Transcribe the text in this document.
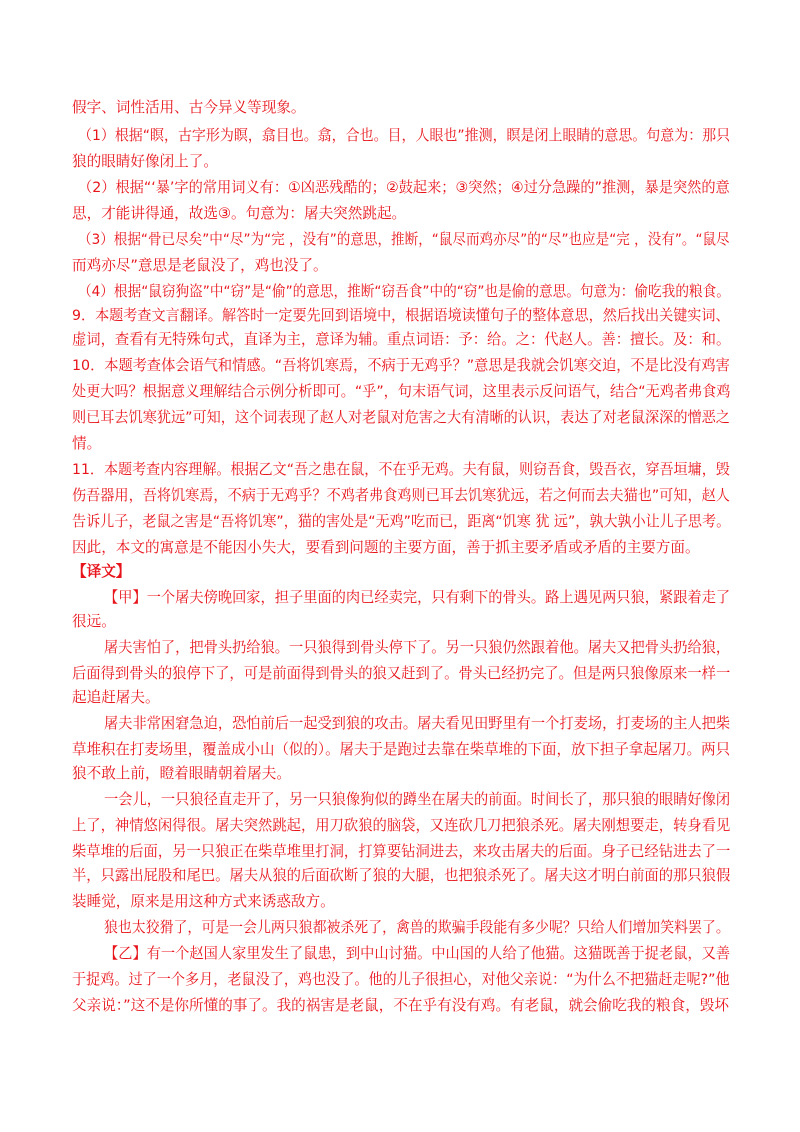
假字、词性活用、古今异义等现象。
（1）根据“瞑，古字形为瞑，翕目也。翕，合也。目，人眼也”推测，瞑是闭上眼睛的意思。句意为：那只
狼的眼睛好像闭上了。
（2）根据“‘暴’字的常用词义有：①凶恶残酷的；②鼓起来；③突然；④过分急躁的”推测，暴是突然的意
思，才能讲得通，故选③。句意为：屠夫突然跳起。
（3）根据“骨已尽矣”中“尽”为“完 ，没有”的意思，推断，“鼠尽而鸡亦尽”的“尽”也应是“完 ，没有”。“鼠尽
而鸡亦尽”意思是老鼠没了，鸡也没了。
（4）根据“鼠窃狗盗”中“窃”是“偷”的意思，推断“窃吾食”中的“窃”也是偷的意思。句意为：偷吃我的粮食。
9．本题考查文言翻译。解答时一定要先回到语境中，根据语境读懂句子的整体意思，然后找出关键实词、
虚词，查看有无特殊句式，直译为主，意译为辅。重点词语：予：给。之：代赵人。善：擅长。及：和。
10．本题考查体会语气和情感。“吾将饥寒焉，不病于无鸡乎？”意思是我就会饥寒交迫，不是比没有鸡害
处更大吗？根据意义理解结合示例分析即可。“乎”，句末语气词，这里表示反问语气，结合“无鸡者弗食鸡
则已耳去饥寒犹远”可知，这个词表现了赵人对老鼠对危害之大有清晰的认识，表达了对老鼠深深的憎恶之
情。
11．本题考查内容理解。根据乙文“吾之患在鼠，不在乎无鸡。夫有鼠，则窃吾食，毁吾衣，穿吾垣墉，毁
伤吾器用，吾将饥寒焉，不病于无鸡乎？不鸡者弗食鸡则已耳去饥寒犹远，若之何而去夫猫也”可知，赵人
告诉儿子，老鼠之害是“吾将饥寒”，猫的害处是“无鸡”吃而已，距离“饥寒 犹 远”，孰大孰小让儿子思考。
因此，本文的寓意是不能因小失大，要看到问题的主要方面，善于抓主要矛盾或矛盾的主要方面。
【译文】
【甲】一个屠夫傍晚回家，担子里面的肉已经卖完，只有剩下的骨头。路上遇见两只狼，紧跟着走了
很远。
屠夫害怕了，把骨头扔给狼。一只狼得到骨头停下了。另一只狼仍然跟着他。屠夫又把骨头扔给狼，
后面得到骨头的狼停下了，可是前面得到骨头的狼又赶到了。骨头已经扔完了。但是两只狼像原来一样一
起追赶屠夫。
屠夫非常困窘急迫，恐怕前后一起受到狼的攻击。屠夫看见田野里有一个打麦场，打麦场的主人把柴
草堆积在打麦场里，覆盖成小山（似的）。屠夫于是跑过去靠在柴草堆的下面，放下担子拿起屠刀。两只
狼不敢上前，瞪着眼睛朝着屠夫。
一会儿，一只狼径直走开了，另一只狼像狗似的蹲坐在屠夫的前面。时间长了，那只狼的眼睛好像闭
上了，神情悠闲得很。屠夫突然跳起，用刀砍狼的脑袋，又连砍几刀把狼杀死。屠夫刚想要走，转身看见
柴草堆的后面，另一只狼正在柴草堆里打洞，打算要钻洞进去，来攻击屠夫的后面。身子已经钻进去了一
半，只露出屁股和尾巴。屠夫从狼的后面砍断了狼的大腿，也把狼杀死了。屠夫这才明白前面的那只狼假
装睡觉，原来是用这种方式来诱惑敌方。
狼也太狡猾了，可是一会儿两只狼都被杀死了，禽兽的欺骗手段能有多少呢？只给人们增加笑料罢了。
【乙】有一个赵国人家里发生了鼠患，到中山讨猫。中山国的人给了他猫。这猫既善于捉老鼠，又善
于捉鸡。过了一个多月，老鼠没了，鸡也没了。他的儿子很担心，对他父亲说：“为什么不把猫赶走呢?”他
父亲说：”这不是你所懂的事了。我的祸害是老鼠，不在乎有没有鸡。有老鼠，就会偷吃我的粮食，毁坏
